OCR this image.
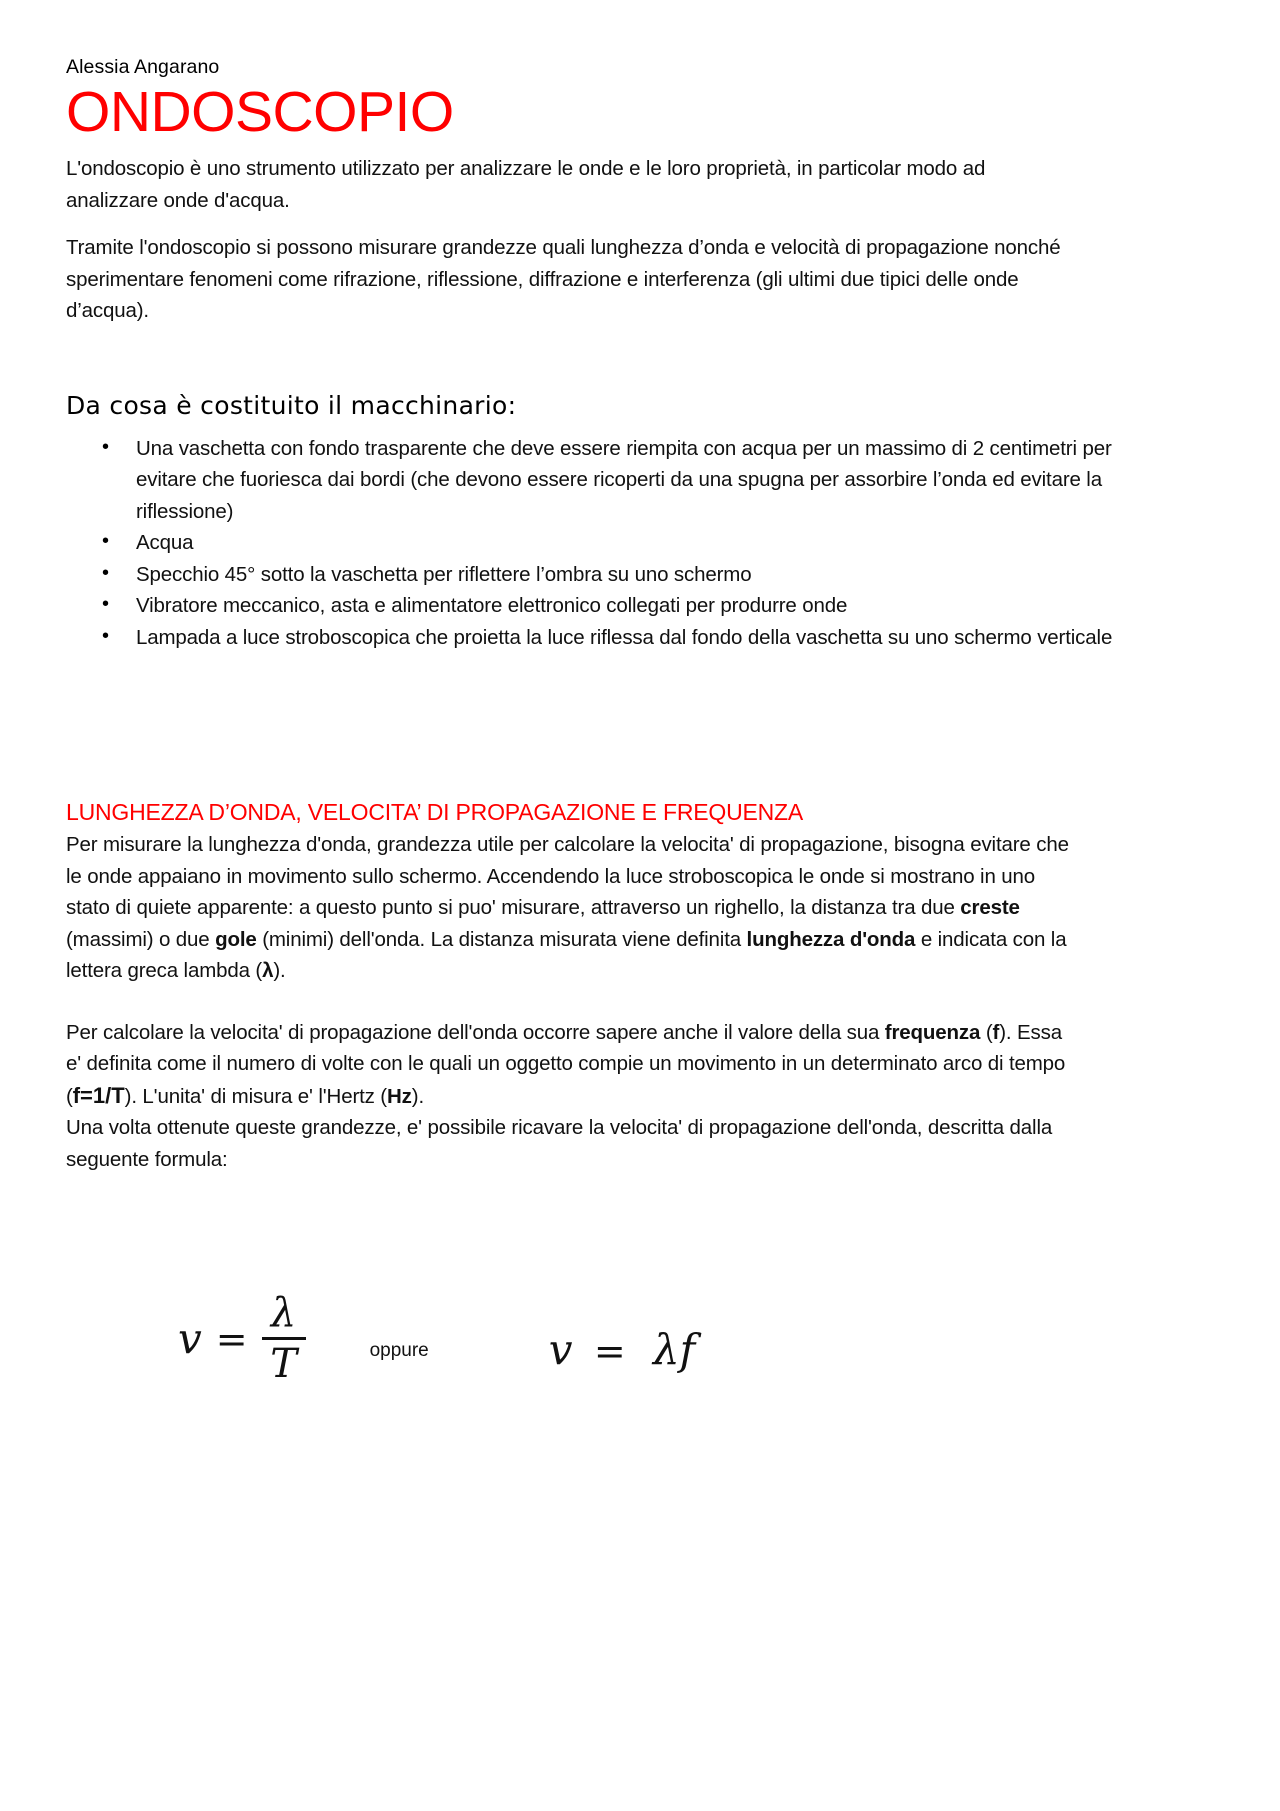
Alessia Angarano
ONDOSCOPIO

L'ondoscopio è uno strumento utilizzato per analizzare le onde e le loro proprietà, in particolar modo ad analizzare onde d'acqua.

Tramite l'ondoscopio si possono misurare grandezze quali lunghezza d’onda e velocità di propagazione nonché sperimentare fenomeni come rifrazione, riflessione, diffrazione e interferenza (gli ultimi due tipici delle onde d’acqua).

Da cosa è costituito il macchinario:
• Una vaschetta con fondo trasparente che deve essere riempita con acqua per un massimo di 2 centimetri per evitare che fuoriesca dai bordi (che devono essere ricoperti da una spugna per assorbire l’onda ed evitare la riflessione)
• Acqua
• Specchio 45° sotto la vaschetta per riflettere l’ombra su uno schermo
• Vibratore meccanico, asta e alimentatore elettronico collegati per produrre onde
• Lampada a luce stroboscopica che proietta la luce riflessa dal fondo della vaschetta su uno schermo verticale
LUNGHEZZA D’ONDA, VELOCITA’ DI PROPAGAZIONE E FREQUENZA

Per misurare la lunghezza d'onda, grandezza utile per calcolare la velocita' di propagazione, bisogna evitare che le onde appaiano in movimento sullo schermo. Accendendo la luce stroboscopica le onde si mostrano in uno stato di quiete apparente: a questo punto si puo' misurare, attraverso un righello, la distanza tra due creste (massimi) o due gole (minimi) dell'onda. La distanza misurata viene definita lunghezza d'onda e indicata con la lettera greca lambda (λ).

Per calcolare la velocita' di propagazione dell'onda occorre sapere anche il valore della sua frequenza (f). Essa e' definita come il numero di volte con le quali un oggetto compie un movimento in un determinato arco di tempo (f=1/T). L'unita' di misura e' l'Hertz (Hz).

Una volta ottenute queste grandezze, e' possibile ricavare la velocita' di propagazione dell'onda, descritta dalla seguente formula:

$v = \frac{\lambda}{T}$	oppure	v = λf
